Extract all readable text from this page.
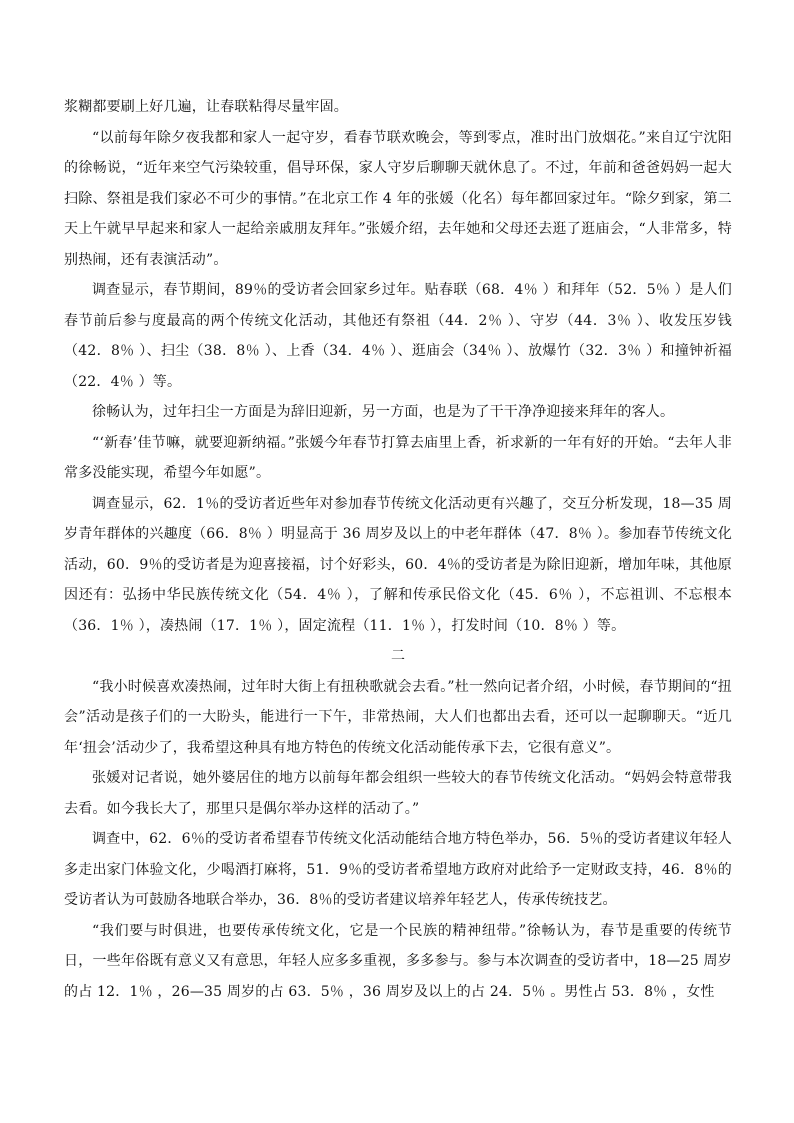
浆糊都要刷上好几遍，让春联粘得尽量牢固。

“以前每年除夕夜我都和家人一起守岁，看春节联欢晚会，等到零点，准时出门放烟花。”来自辽宁沈阳的徐畅说，“近年来空气污染较重，倡导环保，家人守岁后聊聊天就休息了。不过，年前和爸爸妈妈一起大扫除、祭祖是我们家必不可少的事情。”在北京工作 4 年的张媛（化名）每年都回家过年。“除夕到家，第二天上午就早早起来和家人一起给亲戚朋友拜年。”张媛介绍，去年她和父母还去逛了逛庙会，“人非常多，特别热闹，还有表演活动”。

调查显示，春节期间，89％的受访者会回家乡过年。贴春联（68．4％ ）和拜年（52．5％ ）是人们春节前后参与度最高的两个传统文化活动，其他还有祭祖（44．2％ ）、守岁（44．3％ ）、收发压岁钱（42．8％ ）、扫尘（38．8％ ）、上香（34．4％ ）、逛庙会（34％ ）、放爆竹（32．3％ ）和撞钟祈福（22．4％ ）等。

徐畅认为，过年扫尘一方面是为辞旧迎新，另一方面，也是为了干干净净迎接来拜年的客人。

“‘新春’佳节嘛，就要迎新纳福。”张媛今年春节打算去庙里上香，祈求新的一年有好的开始。“去年人非常多没能实现，希望今年如愿”。

调查显示，62．1％的受访者近些年对参加春节传统文化活动更有兴趣了，交互分析发现，18—35 周岁青年群体的兴趣度（66．8％ ）明显高于 36 周岁及以上的中老年群体（47．8％ ）。参加春节传统文化活动，60．9％的受访者是为迎喜接福，讨个好彩头，60．4％的受访者是为除旧迎新，增加年味，其他原因还有：弘扬中华民族传统文化（54．4％ ），了解和传承民俗文化（45．6％ ），不忘祖训、不忘根本（36．1％ ），凑热闹（17．1％ ），固定流程（11．1％ ），打发时间（10．8％ ）等。

二

“我小时候喜欢凑热闹，过年时大街上有扭秧歌就会去看。”杜一然向记者介绍，小时候，春节期间的“扭会”活动是孩子们的一大盼头，能进行一下午，非常热闹，大人们也都出去看，还可以一起聊聊天。“近几年‘扭会’活动少了，我希望这种具有地方特色的传统文化活动能传承下去，它很有意义”。

张媛对记者说，她外婆居住的地方以前每年都会组织一些较大的春节传统文化活动。“妈妈会特意带我去看。如今我长大了，那里只是偶尔举办这样的活动了。”

调查中，62．6％的受访者希望春节传统文化活动能结合地方特色举办，56．5％的受访者建议年轻人多走出家门体验文化，少喝酒打麻将，51．9％的受访者希望地方政府对此给予一定财政支持，46．8％的受访者认为可鼓励各地联合举办，36．8％的受访者建议培养年轻艺人，传承传统技艺。

“我们要与时俱进，也要传承传统文化，它是一个民族的精神纽带。”徐畅认为，春节是重要的传统节日，一些年俗既有意义又有意思，年轻人应多多重视，多多参与。参与本次调查的受访者中，18—25 周岁的占 12．1％ ，26—35 周岁的占 63．5％ ，36 周岁及以上的占 24．5％ 。男性占 53．8％ ，女性
